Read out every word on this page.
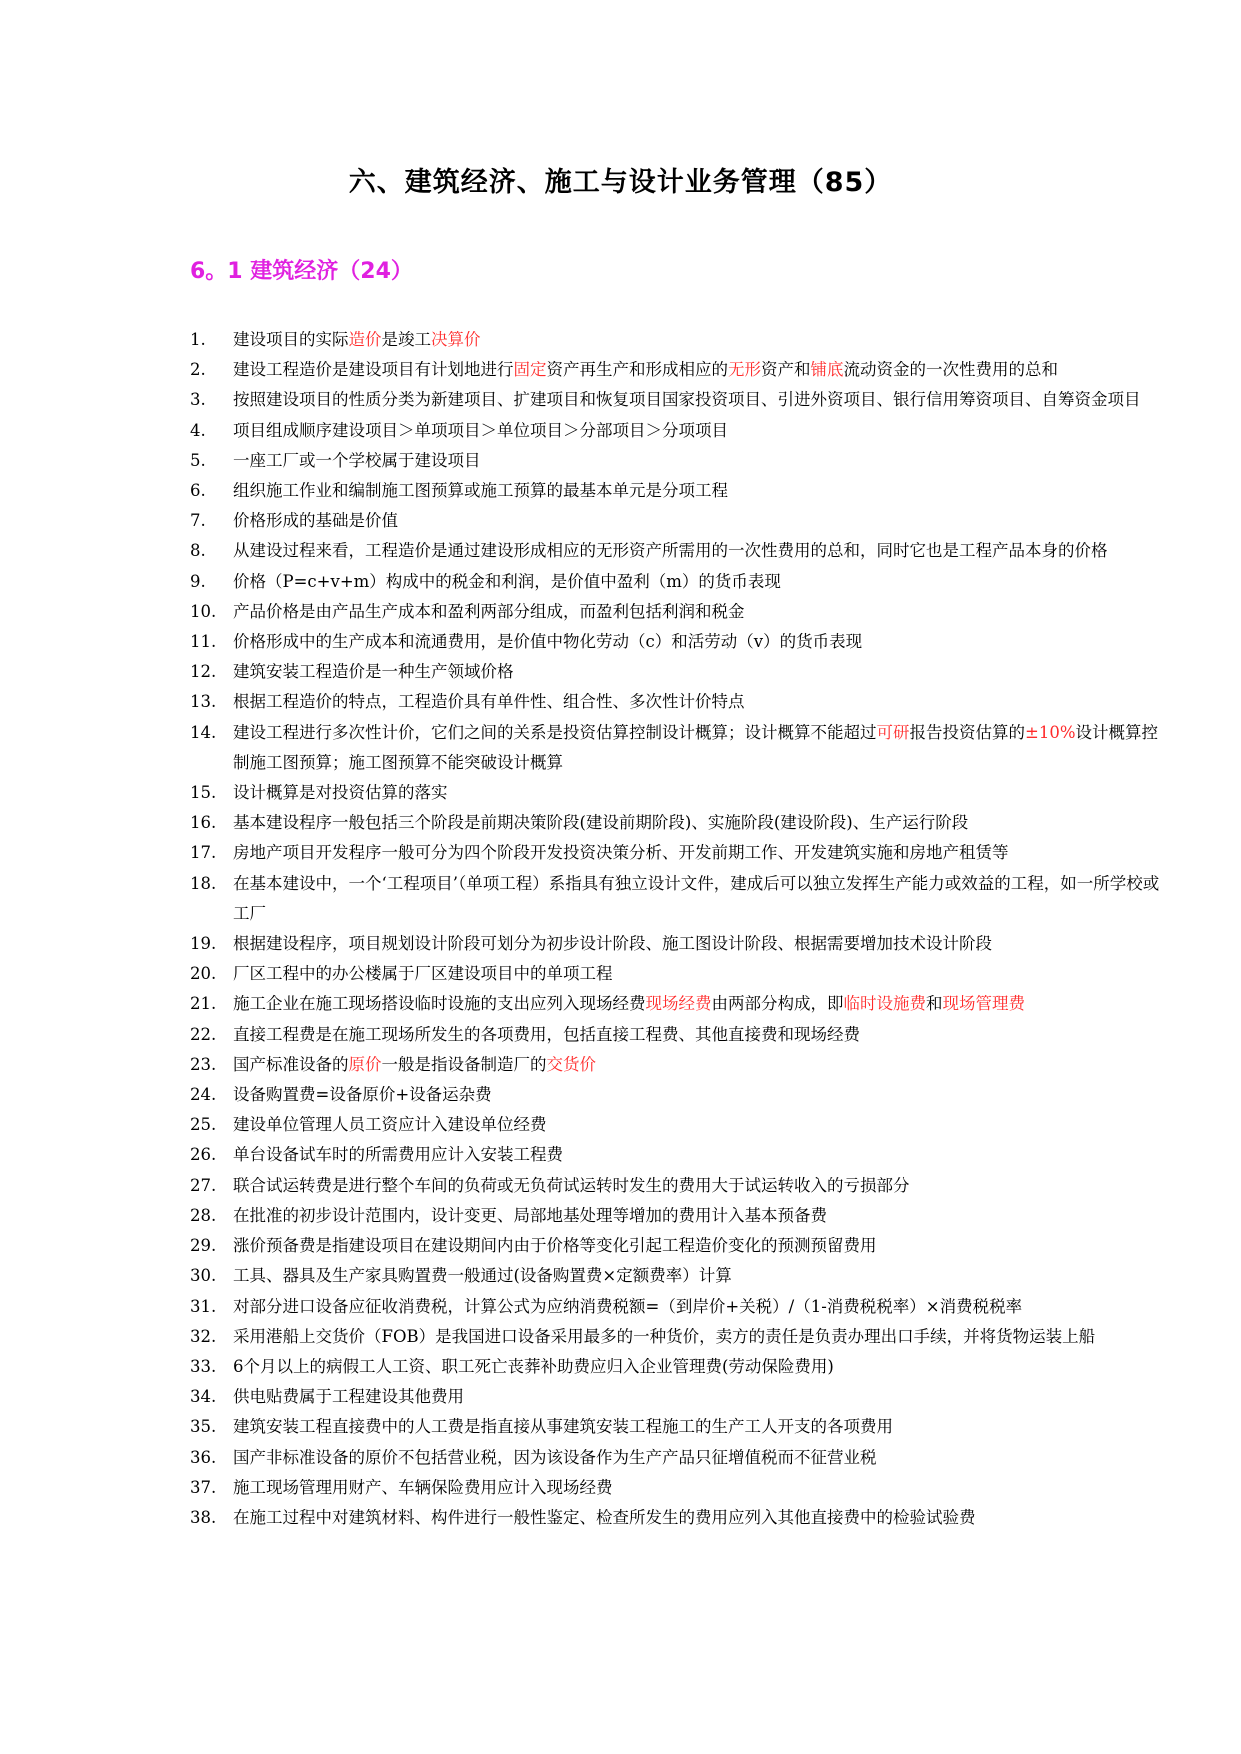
六、建筑经济、施工与设计业务管理（85）
6。1 建筑经济（24）
1. 建设项目的实际造价是竣工决算价
2. 建设工程造价是建设项目有计划地进行固定资产再生产和形成相应的无形资产和铺底流动资金的一次性费用的总和
3. 按照建设项目的性质分类为新建项目、扩建项目和恢复项目国家投资项目、引进外资项目、银行信用筹资项目、自筹资金项目
4. 项目组成顺序建设项目＞单项项目＞单位项目＞分部项目＞分项项目
5. 一座工厂或一个学校属于建设项目
6. 组织施工作业和编制施工图预算或施工预算的最基本单元是分项工程
7. 价格形成的基础是价值
8. 从建设过程来看，工程造价是通过建设形成相应的无形资产所需用的一次性费用的总和，同时它也是工程产品本身的价格
9. 价格（P=c+v+m）构成中的税金和利润，是价值中盈利（m）的货币表现
10. 产品价格是由产品生产成本和盈利两部分组成，而盈利包括利润和税金
11. 价格形成中的生产成本和流通费用，是价值中物化劳动（c）和活劳动（v）的货币表现
12. 建筑安装工程造价是一种生产领域价格
13. 根据工程造价的特点，工程造价具有单件性、组合性、多次性计价特点
14. 建设工程进行多次性计价，它们之间的关系是投资估算控制设计概算；设计概算不能超过可研报告投资估算的±10%设计概算控制施工图预算；施工图预算不能突破设计概算
15. 设计概算是对投资估算的落实
16. 基本建设程序一般包括三个阶段是前期决策阶段(建设前期阶段)、实施阶段(建设阶段)、生产运行阶段
17. 房地产项目开发程序一般可分为四个阶段开发投资决策分析、开发前期工作、开发建筑实施和房地产租赁等
18. 在基本建设中，一个‘工程项目’（单项工程）系指具有独立设计文件，建成后可以独立发挥生产能力或效益的工程，如一所学校或工厂
19. 根据建设程序，项目规划设计阶段可划分为初步设计阶段、施工图设计阶段、根据需要增加技术设计阶段
20. 厂区工程中的办公楼属于厂区建设项目中的单项工程
21. 施工企业在施工现场搭设临时设施的支出应列入现场经费现场经费由两部分构成，即临时设施费和现场管理费
22. 直接工程费是在施工现场所发生的各项费用，包括直接工程费、其他直接费和现场经费
23. 国产标准设备的原价一般是指设备制造厂的交货价
24. 设备购置费=设备原价+设备运杂费
25. 建设单位管理人员工资应计入建设单位经费
26. 单台设备试车时的所需费用应计入安装工程费
27. 联合试运转费是进行整个车间的负荷或无负荷试运转时发生的费用大于试运转收入的亏损部分
28. 在批准的初步设计范围内，设计变更、局部地基处理等增加的费用计入基本预备费
29. 涨价预备费是指建设项目在建设期间内由于价格等变化引起工程造价变化的预测预留费用
30. 工具、器具及生产家具购置费一般通过(设备购置费×定额费率）计算
31. 对部分进口设备应征收消费税，计算公式为应纳消费税额=（到岸价+关税）/（1-消费税税率）×消费税税率
32. 采用港船上交货价（FOB）是我国进口设备采用最多的一种货价，卖方的责任是负责办理出口手续，并将货物运装上船
33. 6个月以上的病假工人工资、职工死亡丧葬补助费应归入企业管理费(劳动保险费用)
34. 供电贴费属于工程建设其他费用
35. 建筑安装工程直接费中的人工费是指直接从事建筑安装工程施工的生产工人开支的各项费用
36. 国产非标准设备的原价不包括营业税，因为该设备作为生产产品只征增值税而不征营业税
37. 施工现场管理用财产、车辆保险费用应计入现场经费
38. 在施工过程中对建筑材料、构件进行一般性鉴定、检查所发生的费用应列入其他直接费中的检验试验费
